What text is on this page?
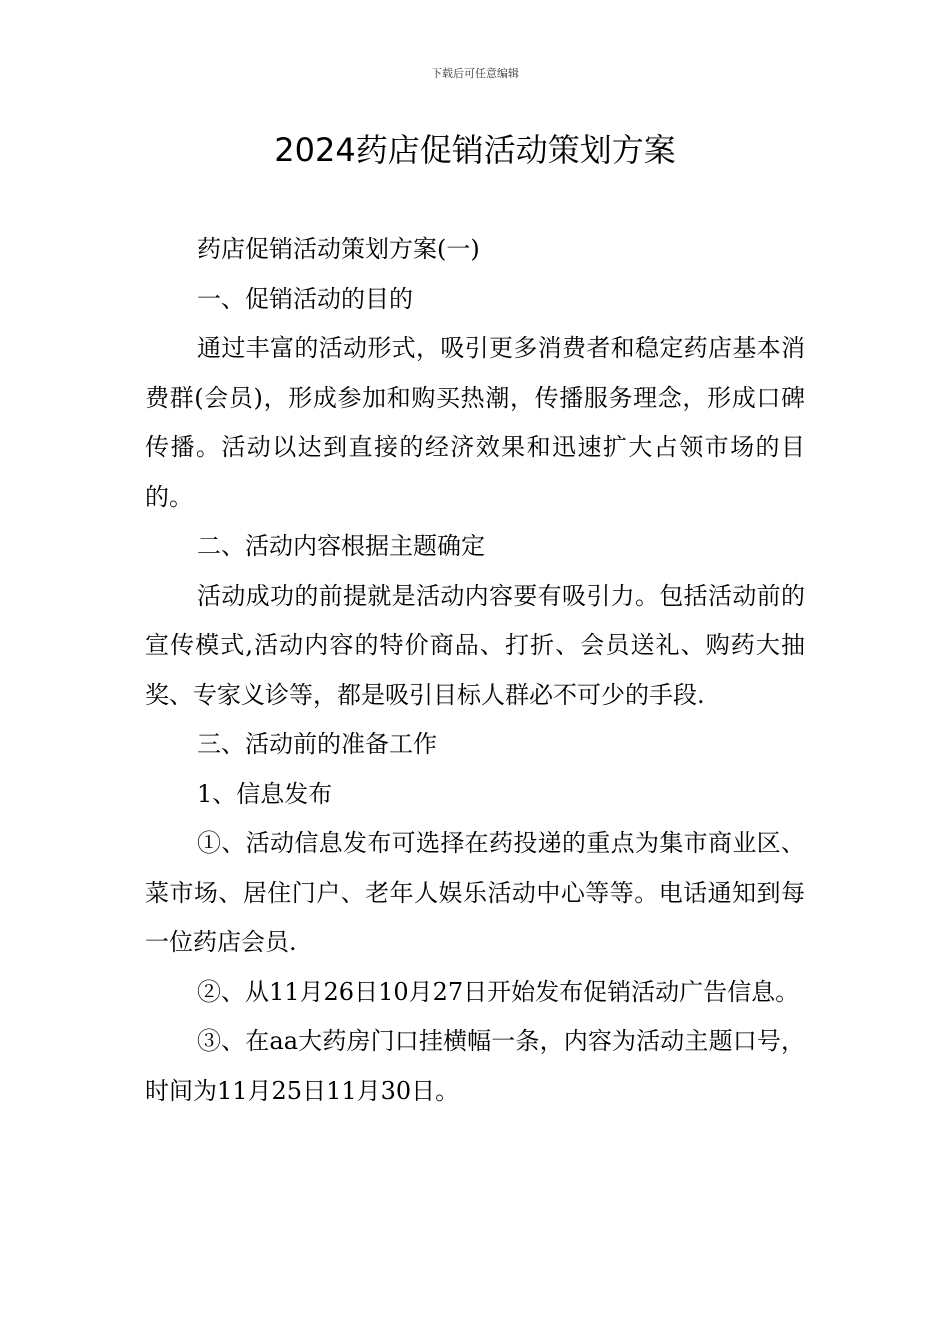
下载后可任意编辑
2024药店促销活动策划方案

药店促销活动策划方案(一)

一、促销活动的目的

通过丰富的活动形式，吸引更多消费者和稳定药店基本消费群(会员)，形成参加和购买热潮，传播服务理念，形成口碑传播。活动以达到直接的经济效果和迅速扩大占领市场的目的。

二、活动内容根据主题确定

活动成功的前提就是活动内容要有吸引力。包括活动前的宣传模式,活动内容的特价商品、打折、会员送礼、购药大抽奖、专家义诊等，都是吸引目标人群必不可少的手段.

三、活动前的准备工作

1、信息发布

①、活动信息发布可选择在药投递的重点为集市商业区、菜市场、居住门户、老年人娱乐活动中心等等。电话通知到每一位药店会员.

②、从11月26日10月27日开始发布促销活动广告信息。

③、在aa大药房门口挂横幅一条，内容为活动主题口号，时间为11月25日11月30日。
